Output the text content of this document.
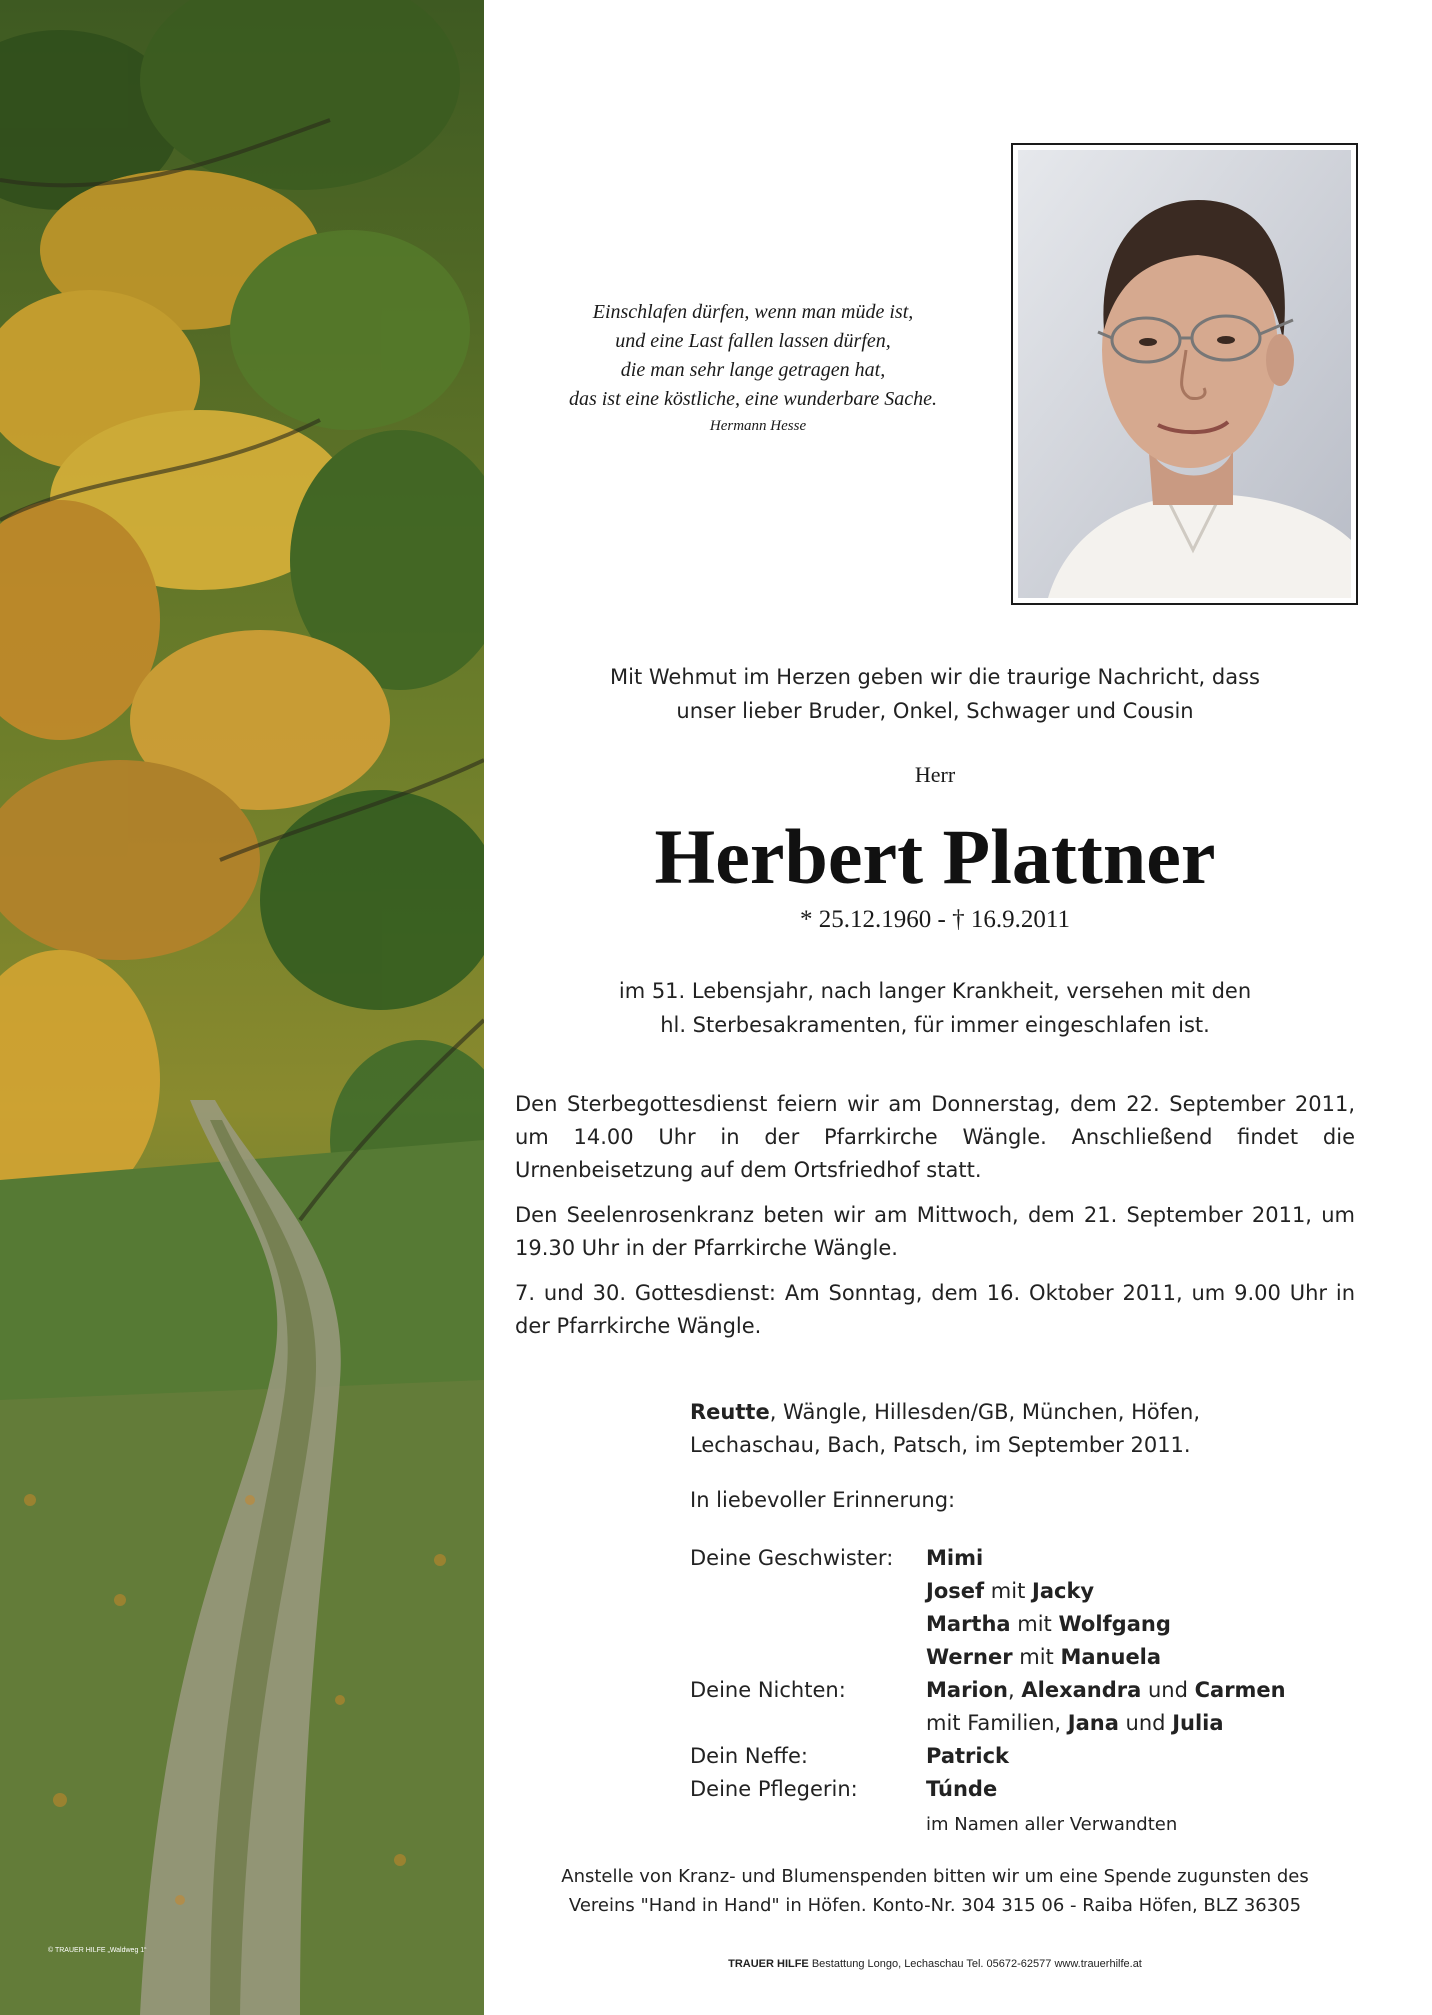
© TRAUER HILFE „Waldweg 1“
Einschlafen dürfen, wenn man müde ist,
und eine Last fallen lassen dürfen,
die man sehr lange getragen hat,
das ist eine köstliche, eine wunderbare Sache.
Hermann Hesse
Mit Wehmut im Herzen geben wir die traurige Nachricht, dass
unser lieber Bruder, Onkel, Schwager und Cousin
Herr
Herbert Plattner
* 25.12.1960 - † 16.9.2011
im 51. Lebensjahr, nach langer Krankheit, versehen mit den
hl. Sterbesakramenten, für immer eingeschlafen ist.

Den Sterbegottesdienst feiern wir am Donnerstag, dem 22. September 2011, um 14.00 Uhr in der Pfarrkirche Wängle. Anschließend findet die Urnenbeisetzung auf dem Ortsfriedhof statt.

Den Seelenrosenkranz beten wir am Mittwoch, dem 21. September 2011, um 19.30 Uhr in der Pfarrkirche Wängle.

7. und 30. Gottesdienst: Am Sonntag, dem 16. Oktober 2011, um 9.00 Uhr in der Pfarrkirche Wängle.

Reutte, Wängle, Hillesden/GB, München, Höfen,
Lechaschau, Bach, Patsch, im September 2011.
In liebevoller Erinnerung:
Deine Geschwister:	Mimi
Josef mit Jacky
Martha mit Wolfgang
Werner mit Manuela
Deine Nichten:	Marion, Alexandra und Carmen
mit Familien, Jana und Julia
Dein Neffe:	Patrick
Deine Pflegerin:	Túnde
im Namen aller Verwandten
Anstelle von Kranz- und Blumenspenden bitten wir um eine Spende zugunsten des
Vereins "Hand in Hand" in Höfen. Konto-Nr. 304 315 06 - Raiba Höfen, BLZ 36305
TRAUER HILFE Bestattung Longo, Lechaschau Tel. 05672-62577 www.trauerhilfe.at
